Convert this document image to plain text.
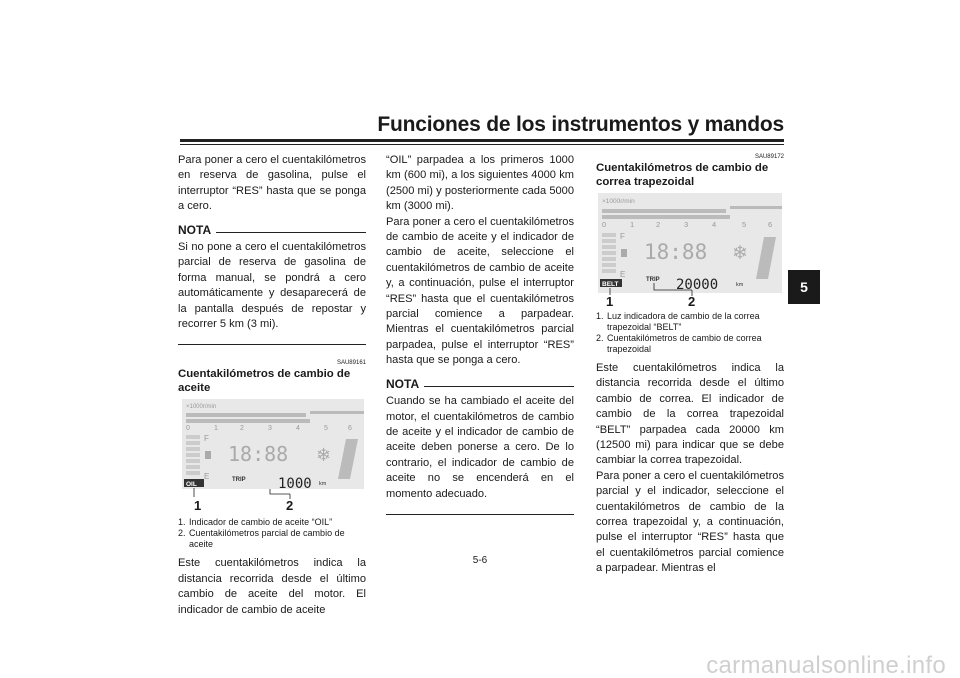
Funciones de los instrumentos y mandos
5
Para poner a cero el cuentakilómetros en reserva de gasolina, pulse el interruptor “RES” hasta que se ponga a cero.
NOTA
Si no pone a cero el cuentakilómetros parcial de reserva de gasolina de forma manual, se pondrá a cero automáticamente y desaparecerá de la pantalla después de repostar y recorrer 5 km (3 mi).
SAU89161
Cuentakilómetros de cambio de aceite
×1000r/min
0	1	2	3	4	5	6
F
E
18:88 ❄
OIL
TRIP 1000 km
1	2
1. Indicador de cambio de aceite “OIL”
2. Cuentakilómetros parcial de cambio de aceite
Este cuentakilómetros indica la distancia recorrida desde el último cambio de aceite del motor. El indicador de cambio de aceite
“OIL” parpadea a los primeros 1000 km (600 mi), a los siguientes 4000 km (2500 mi) y posteriormente cada 5000 km (3000 mi).
Para poner a cero el cuentakilómetros de cambio de aceite y el indicador de cambio de aceite, seleccione el cuentakilómetros de cambio de aceite y, a continuación, pulse el interruptor “RES” hasta que el cuentakilómetros parcial comience a parpadear. Mientras el cuentakilómetros parcial parpadea, pulse el interruptor “RES” hasta que se ponga a cero.
NOTA
Cuando se ha cambiado el aceite del motor, el cuentakilómetros de cambio de aceite y el indicador de cambio de aceite deben ponerse a cero. De lo contrario, el indicador de cambio de aceite no se encenderá en el momento adecuado.
SAU89172
Cuentakilómetros de cambio de correa trapezoidal
×1000r/min
0	1	2	3	4	5	6
F
E
18:88 ❄
BELT
TRIP 20000	km
1	2
1. Luz indicadora de cambio de la correa trapezoidal “BELT”
2. Cuentakilómetros de cambio de correa trapezoidal
Este cuentakilómetros indica la distancia recorrida desde el último cambio de correa. El indicador de cambio de la correa trapezoidal “BELT” parpadea cada 20000 km (12500 mi) para indicar que se debe cambiar la correa trapezoidal.
Para poner a cero el cuentakilómetros parcial y el indicador, seleccione el cuentakilómetros de cambio de la correa trapezoidal y, a continuación, pulse el interruptor “RES” hasta que el cuentakilómetros parcial comience a parpadear. Mientras el
5-6
carmanualsonline.info
